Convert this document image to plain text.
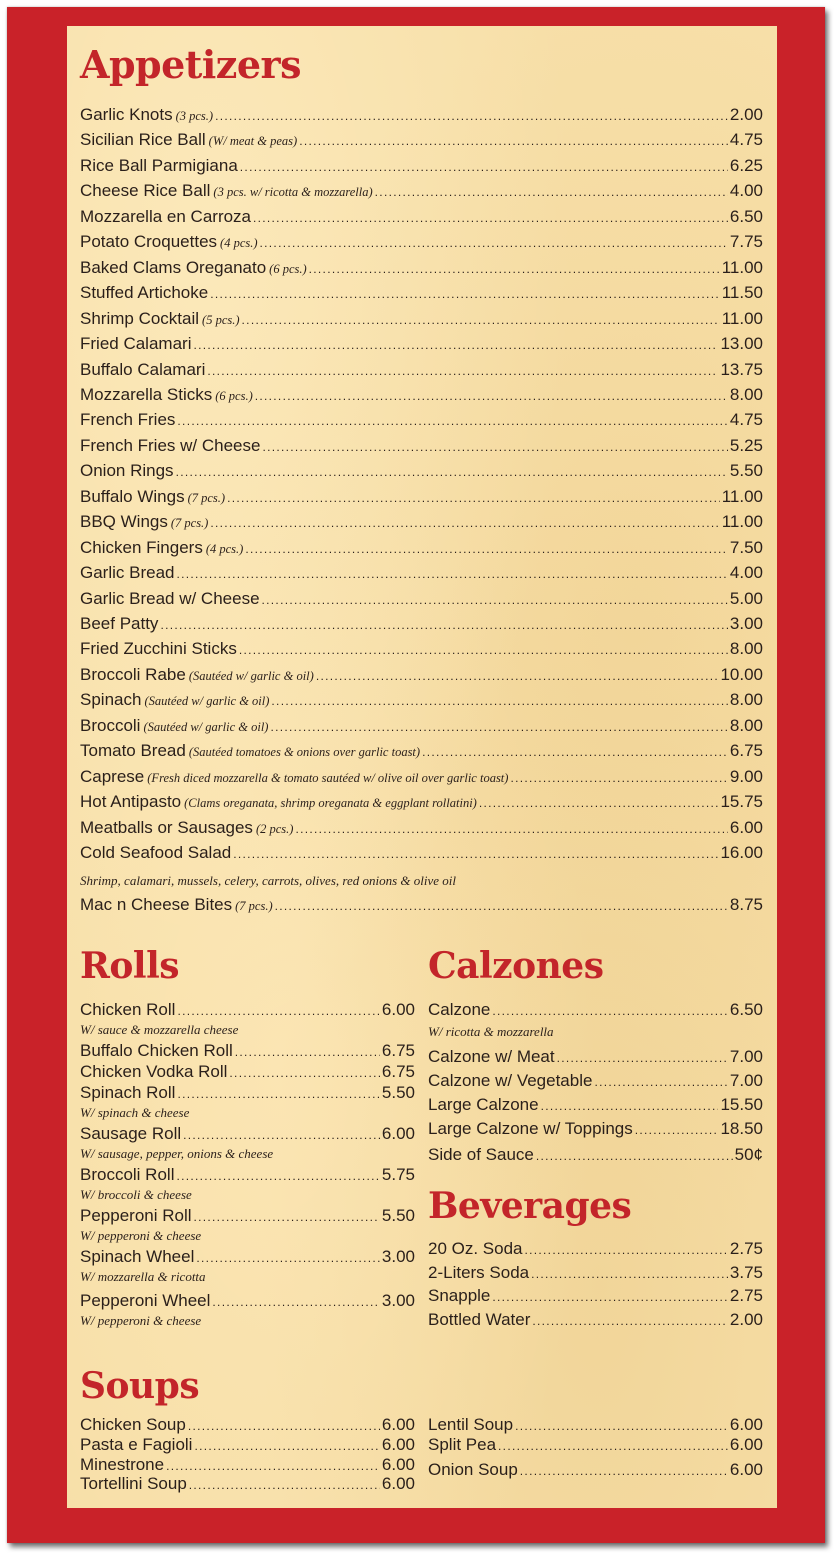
Appetizers
Garlic Knots (3 pcs.) .....	2.00
Sicilian Rice Ball (W/ meat & peas) .....	4.75
Rice Ball Parmigiana .....	6.25
Cheese Rice Ball (3 pcs. w/ ricotta & mozzarella) .....	4.00
Mozzarella en Carroza .....	6.50
Potato Croquettes (4 pcs.) .....	7.75
Baked Clams Oreganato (6 pcs.) .....	11.00
Stuffed Artichoke .....	11.50
Shrimp Cocktail (5 pcs.) .....	11.00
Fried Calamari .....	13.00
Buffalo Calamari .....	13.75
Mozzarella Sticks (6 pcs.) .....	8.00
French Fries .....	4.75
French Fries w/ Cheese .....	5.25
Onion Rings .....	5.50
Buffalo Wings (7 pcs.) .....	11.00
BBQ Wings (7 pcs.) .....	11.00
Chicken Fingers (4 pcs.) .....	7.50
Garlic Bread .....	4.00
Garlic Bread w/ Cheese .....	5.00
Beef Patty .....	3.00
Fried Zucchini Sticks .....	8.00
Broccoli Rabe (Sautéed w/ garlic & oil) .....	10.00
Spinach (Sautéed w/ garlic & oil) .....	8.00
Broccoli (Sautéed w/ garlic & oil) .....	8.00
Tomato Bread (Sautéed tomatoes & onions over garlic toast) .....	6.75
Caprese (Fresh diced mozzarella & tomato sautéed w/ olive oil over garlic toast) .....	9.00
Hot Antipasto (Clams oreganata, shrimp oreganata & eggplant rollatini) .....	15.75
Meatballs or Sausages (2 pcs.) .....	6.00
Cold Seafood Salad .....	16.00
Mac n Cheese Bites (7 pcs.) .....	8.75
Shrimp, calamari, mussels, celery, carrots, olives, red onions & olive oil
Rolls
Chicken Roll .....	6.00
W/ sauce & mozzarella cheese
Buffalo Chicken Roll .....	6.75
Chicken Vodka Roll .....	6.75
Spinach Roll .....	5.50
W/ spinach & cheese
Sausage Roll .....	6.00
W/ sausage, pepper, onions & cheese
Broccoli Roll .....	5.75
W/ broccoli & cheese
Pepperoni Roll .....	5.50
W/ pepperoni & cheese
Spinach Wheel .....	3.00
W/ mozzarella & ricotta
Pepperoni Wheel .....	3.00
W/ pepperoni & cheese
Calzones
Calzone .....	6.50
W/ ricotta & mozzarella
Calzone w/ Meat .....	7.00
Calzone w/ Vegetable .....	7.00
Large Calzone .....	15.50
Large Calzone w/ Toppings .....	18.50
Side of Sauce .....	50¢
Beverages
20 Oz. Soda .....	2.75
2-Liters Soda .....	3.75
Snapple .....	2.75
Bottled Water .....	2.00
Soups
Chicken Soup .....	6.00
Pasta e Fagioli .....	6.00
Minestrone .....	6.00
Tortellini Soup .....	6.00
Lentil Soup .....	6.00
Split Pea .....	6.00
Onion Soup .....	6.00
